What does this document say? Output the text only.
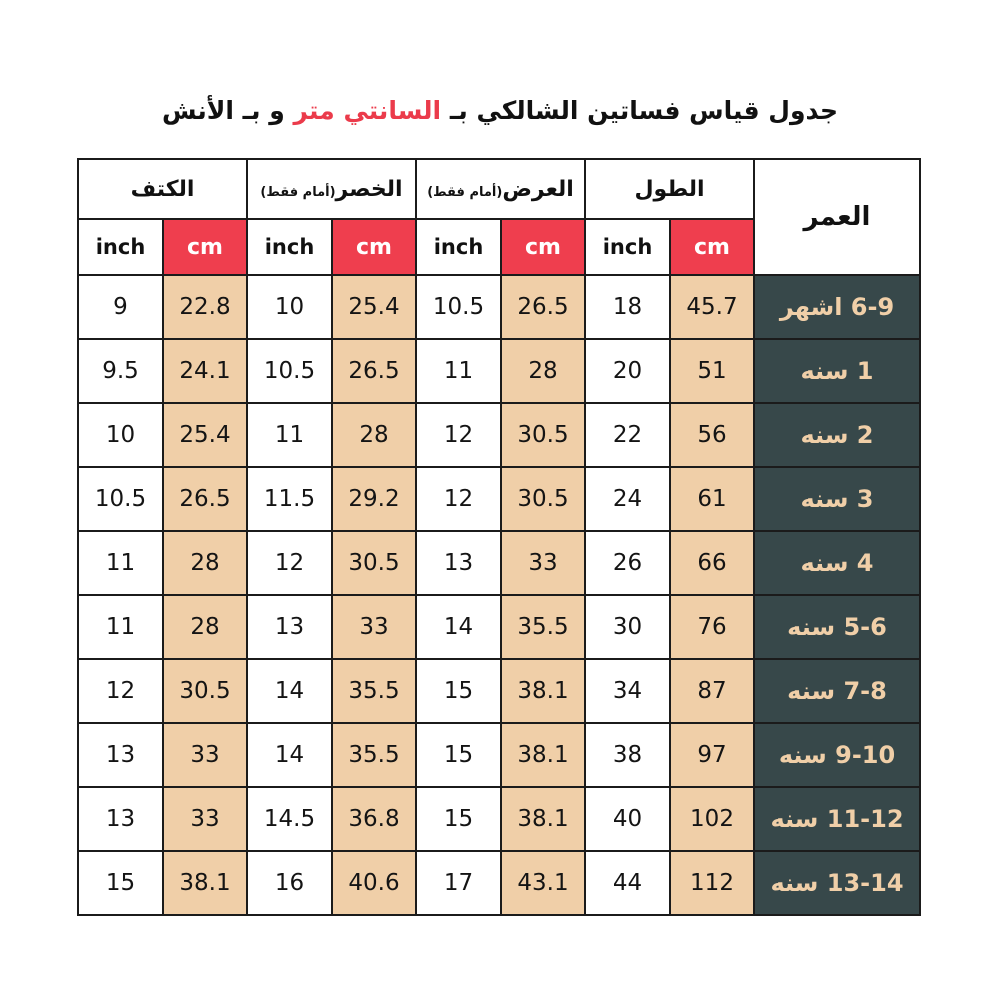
جدول قياس فساتين الشالكي بـ السانتي متر و بـ الأنش
العمر	الطول		العرض(أمام فقط)		الخصر(أمام فقط)		الكتف	
	cm	inch	cm	inch	cm	inch	cm	inch
6-9 اشهر	45.7	18	26.5	10.5	25.4	10	22.8	9
1 سنه	51	20	28	11	26.5	10.5	24.1	9.5
2 سنه	56	22	30.5	12	28	11	25.4	10
3 سنه	61	24	30.5	12	29.2	11.5	26.5	10.5
4 سنه	66	26	33	13	30.5	12	28	11
5-6 سنه	76	30	35.5	14	33	13	28	11
7-8 سنه	87	34	38.1	15	35.5	14	30.5	12
9-10 سنه	97	38	38.1	15	35.5	14	33	13
11-12 سنه	102	40	38.1	15	36.8	14.5	33	13
13-14 سنه	112	44	43.1	17	40.6	16	38.1	15
